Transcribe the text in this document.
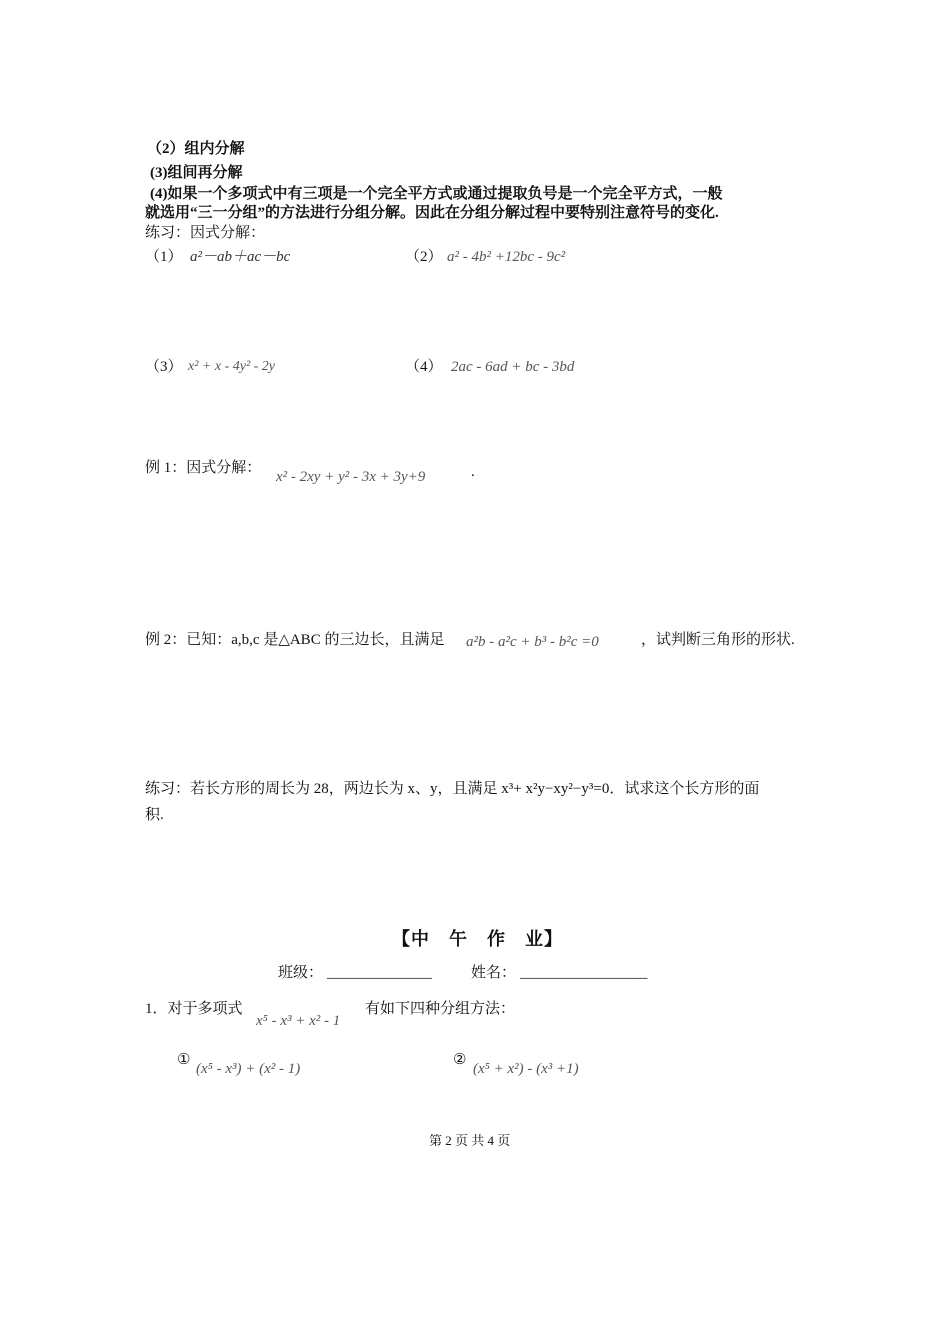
（2）组内分解
(3)组间再分解
(4)如果一个多项式中有三项是一个完全平方式或通过提取负号是一个完全平方式，一般
就选用“三一分组”的方法进行分组分解。因此在分组分解过程中要特别注意符号的变化.
练习：因式分解：
（1） a²－ab＋ac－bc	（2） a² - 4b² +12bc - 9c²
（3） x² + x - 4y² - 2y	（4） 2ac - 6ad + bc - 3bd
例 1：因式分解：
x² - 2xy + y² - 3x + 3y+9	.
例 2：已知：a,b,c 是△ABC 的三边长，且满足 a²b - a²c + b³ - b²c =0	，试判断三角形的形状.
练习：若长方形的周长为 28，两边长为 x、y，且满足 x³+ x²y−xy²−y³=0．试求这个长方形的面
积.
【中　午　作　业】
班级： ______________	姓名： _________________
1．对于多项式
x⁵ - x³ + x² - 1
有如下四种分组方法：
①
(x⁵ - x³) + (x² - 1)
②
(x⁵ + x²) - (x³ +1)
第 2 页 共 4 页
